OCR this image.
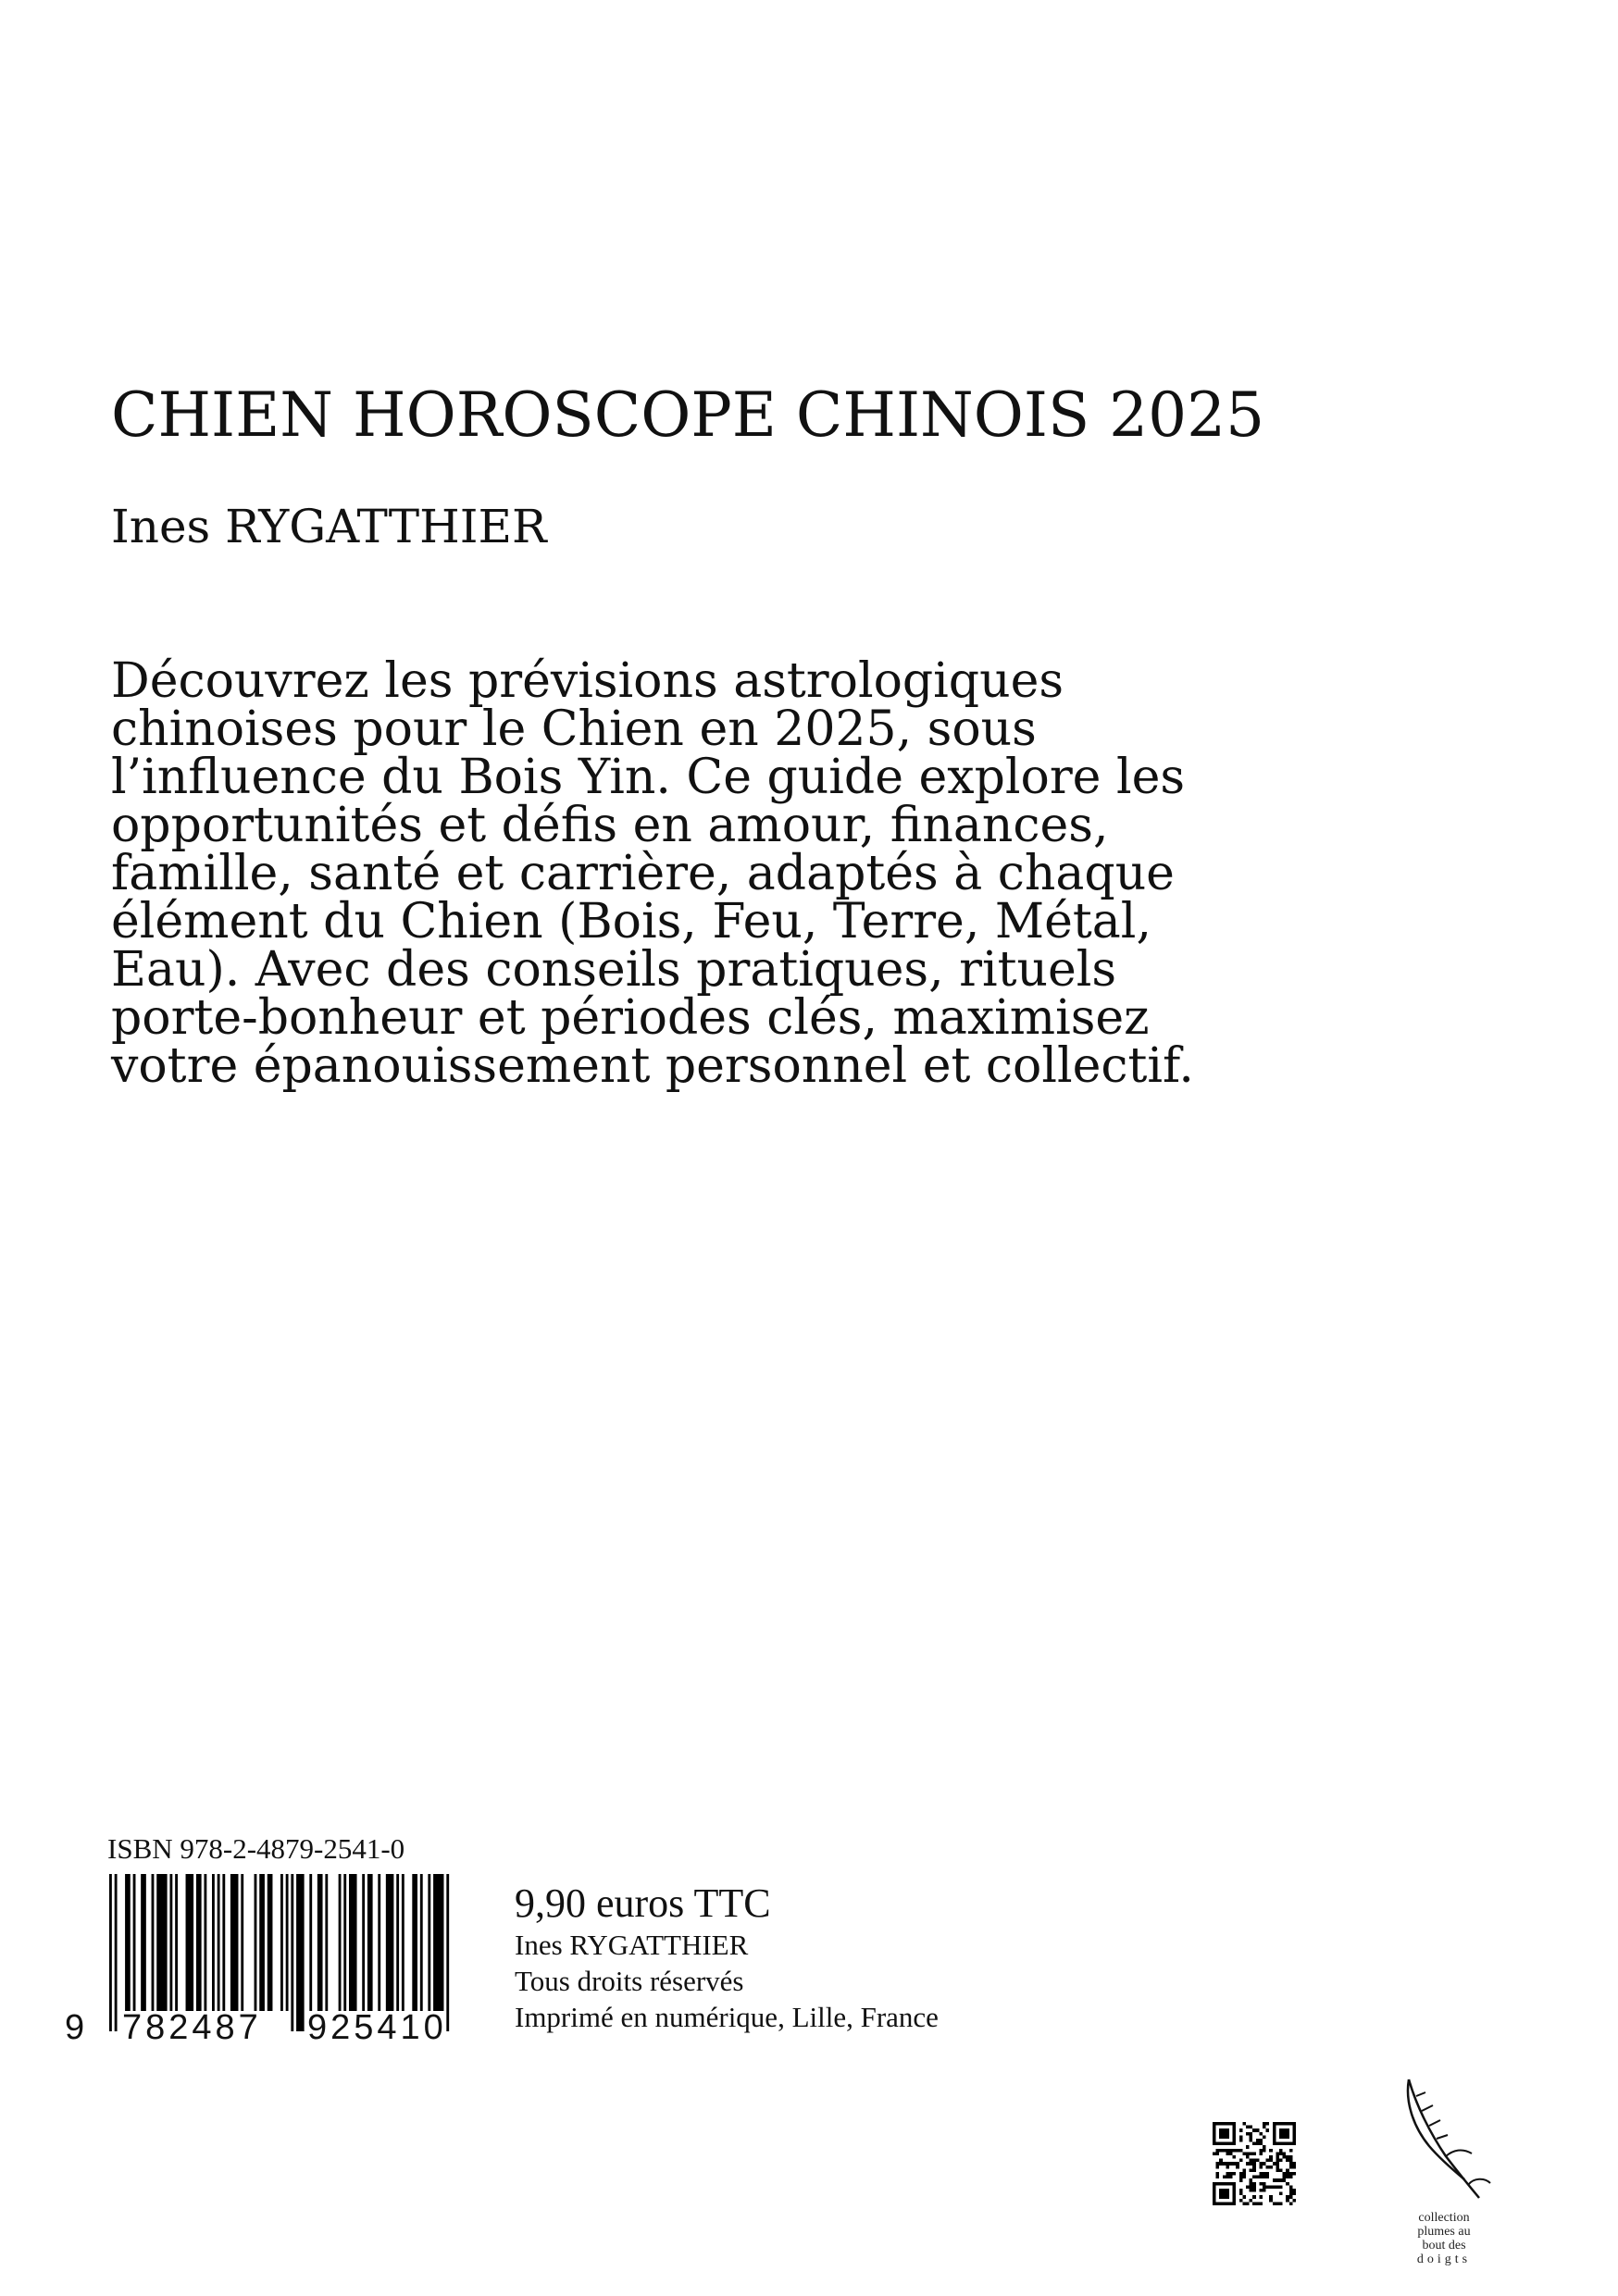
CHIEN HOROSCOPE CHINOIS 2025
Ines RYGATTHIER

Découvrez les prévisions astrologiques
chinoises pour le Chien en 2025, sous
l’influence du Bois Yin. Ce guide explore les
opportunités et défis en amour, finances,
famille, santé et carrière, adaptés à chaque
élément du Chien (Bois, Feu, Terre, Métal,
Eau). Avec des conseils pratiques, rituels
porte-bonheur et périodes clés, maximisez
votre épanouissement personnel et collectif.

ISBN 978-2-4879-2541-0
9 782487 925410
9,90 euros TTC
Ines RYGATTHIER
Tous droits réservés
Imprimé en numérique, Lille, France
collection
plumes au
bout des
doigts
